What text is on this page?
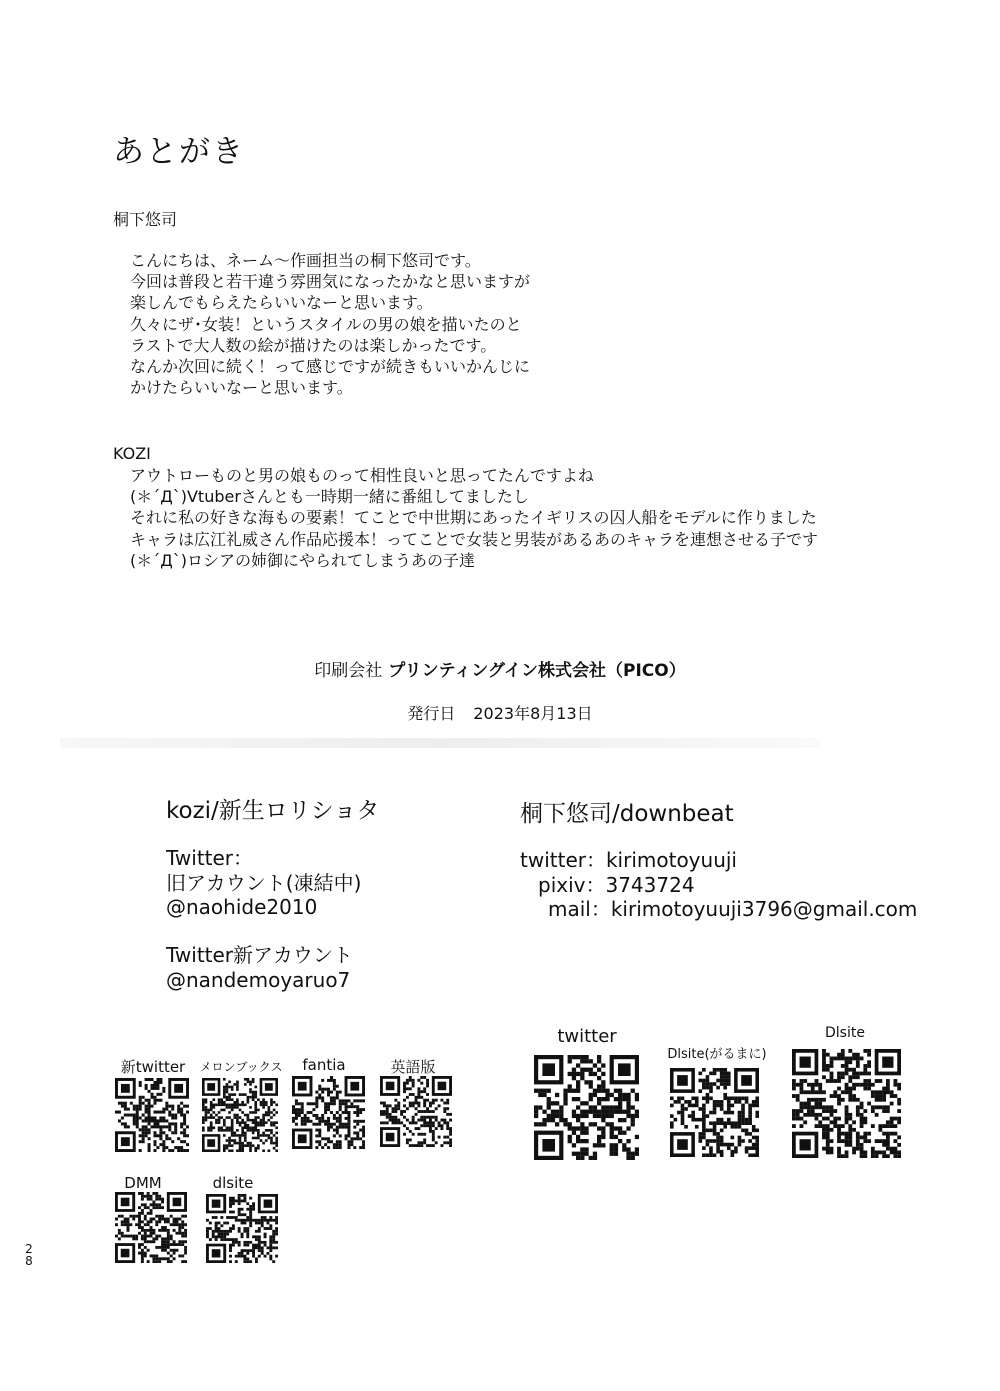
あとがき
桐下悠司
こんにちは、ネーム〜作画担当の桐下悠司です。
今回は普段と若干違う雰囲気になったかなと思いますが
楽しんでもらえたらいいなーと思います。
久々にザ･女装！というスタイルの男の娘を描いたのと
ラストで大人数の絵が描けたのは楽しかったです。
なんか次回に続く！って感じですが続きもいいかんじに
かけたらいいなーと思います。
KOZI
アウトローものと男の娘ものって相性良いと思ってたんですよね
(＊´Д`)Vtuberさんとも一時期一緒に番組してましたし
それに私の好きな海もの要素！てことで中世期にあったイギリスの囚人船をモデルに作りました
キャラは広江礼威さん作品応援本！ってことで女装と男装があるあのキャラを連想させる子です
(＊´Д`)ロシアの姉御にやられてしまうあの子達
印刷会社 プリンティングイン株式会社（PICO）
発行日 2023年8月13日
kozi/新生ロリショタ
Twitter：
旧アカウント(凍結中)
@naohide2010
Twitter新アカウント
@nandemoyaruo7
桐下悠司/downbeat
twitter：kirimotoyuuji
pixiv：3743724
mail：kirimotoyuuji3796@gmail.com
新twitter	メロンブックス	fantia	英語版
DMM	dlsite
twitter
Dlsite(がるまに)
Dlsite
2
8
